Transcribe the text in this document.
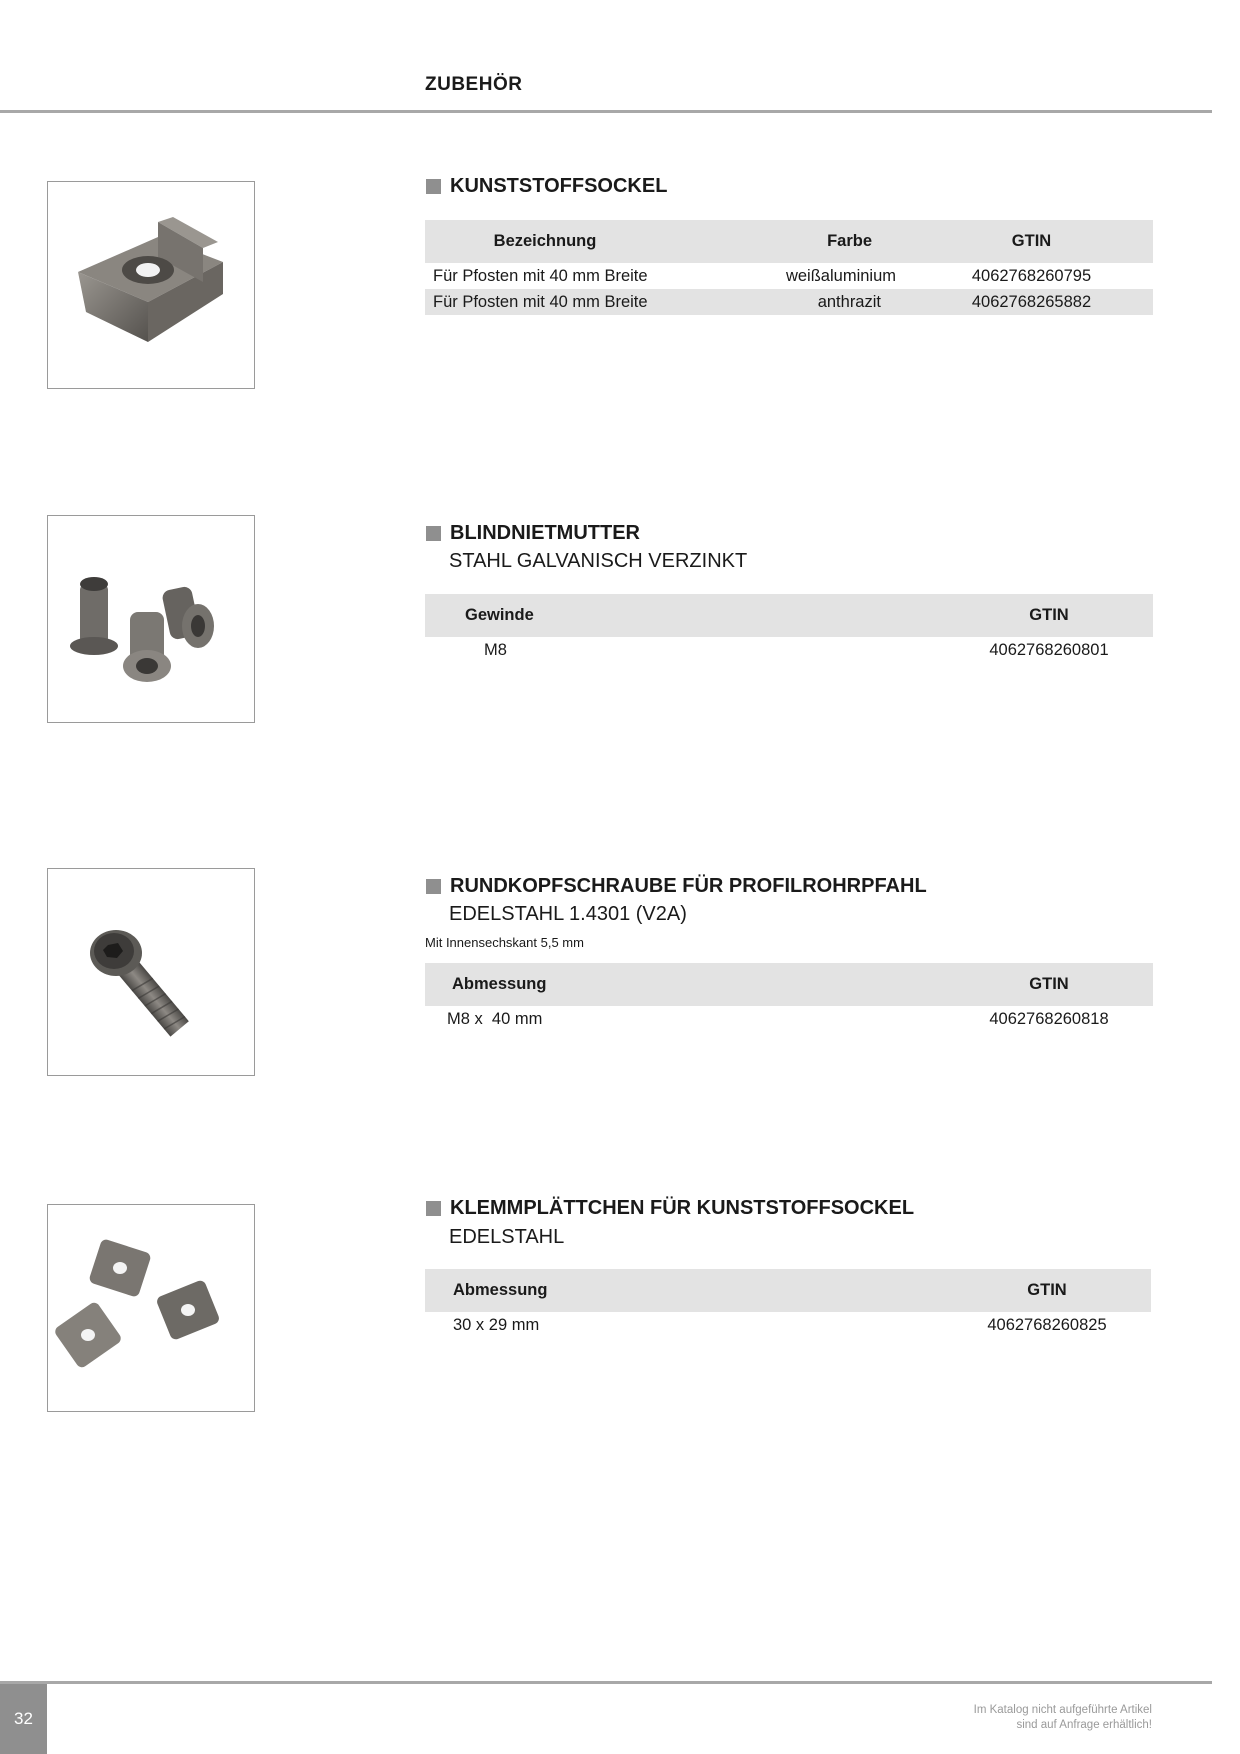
ZUBEHÖR
KUNSTSTOFFSOCKEL
Bezeichnung	Farbe	GTIN
Für Pfosten mit 40 mm Breite	weißaluminium	4062768260795
Für Pfosten mit 40 mm Breite	anthrazit	4062768265882
BLINDNIETMUTTER
STAHL GALVANISCH VERZINKT
Gewinde	GTIN
M8	4062768260801
RUNDKOPFSCHRAUBE FÜR PROFILROHRPFAHL
EDELSTAHL 1.4301 (V2A)
Mit Innensechskant 5,5 mm
Abmessung	GTIN
M8 x  40 mm	4062768260818
KLEMMPLÄTTCHEN FÜR KUNSTSTOFFSOCKEL
EDELSTAHL
Abmessung	GTIN
30 x 29 mm	4062768260825
32	Im Katalog nicht aufgeführte Artikel
sind auf Anfrage erhältlich!
